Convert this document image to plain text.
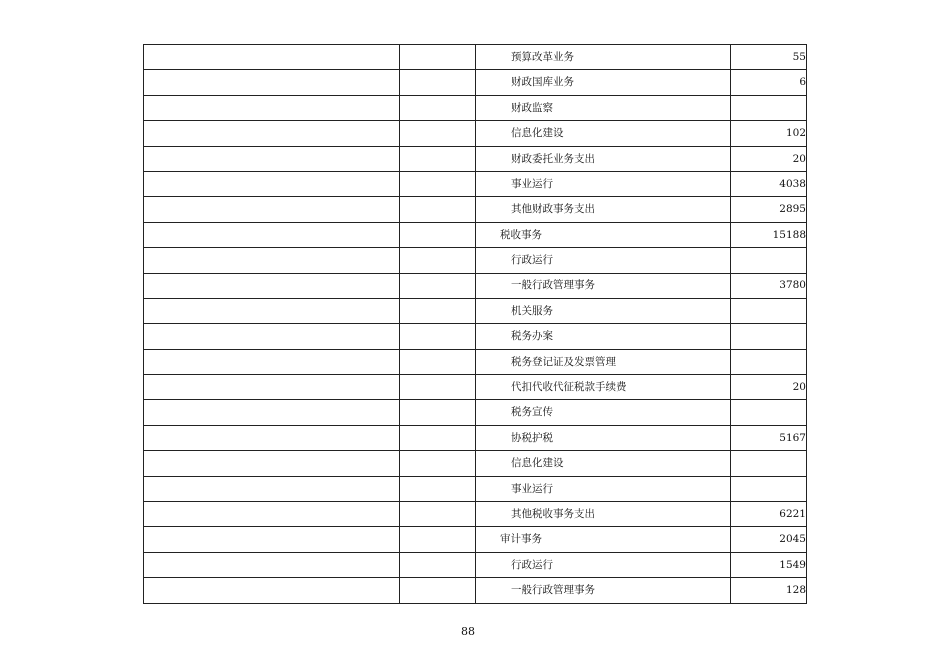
		预算改革业务	55
		财政国库业务	6
		财政监察	
		信息化建设	102
		财政委托业务支出	20
		事业运行	4038
		其他财政事务支出	2895
		税收事务	15188
		行政运行	
		一般行政管理事务	3780
		机关服务	
		税务办案	
		税务登记证及发票管理	
		代扣代收代征税款手续费	20
		税务宣传	
		协税护税	5167
		信息化建设	
		事业运行	
		其他税收事务支出	6221
		审计事务	2045
		行政运行	1549
		一般行政管理事务	128
88
